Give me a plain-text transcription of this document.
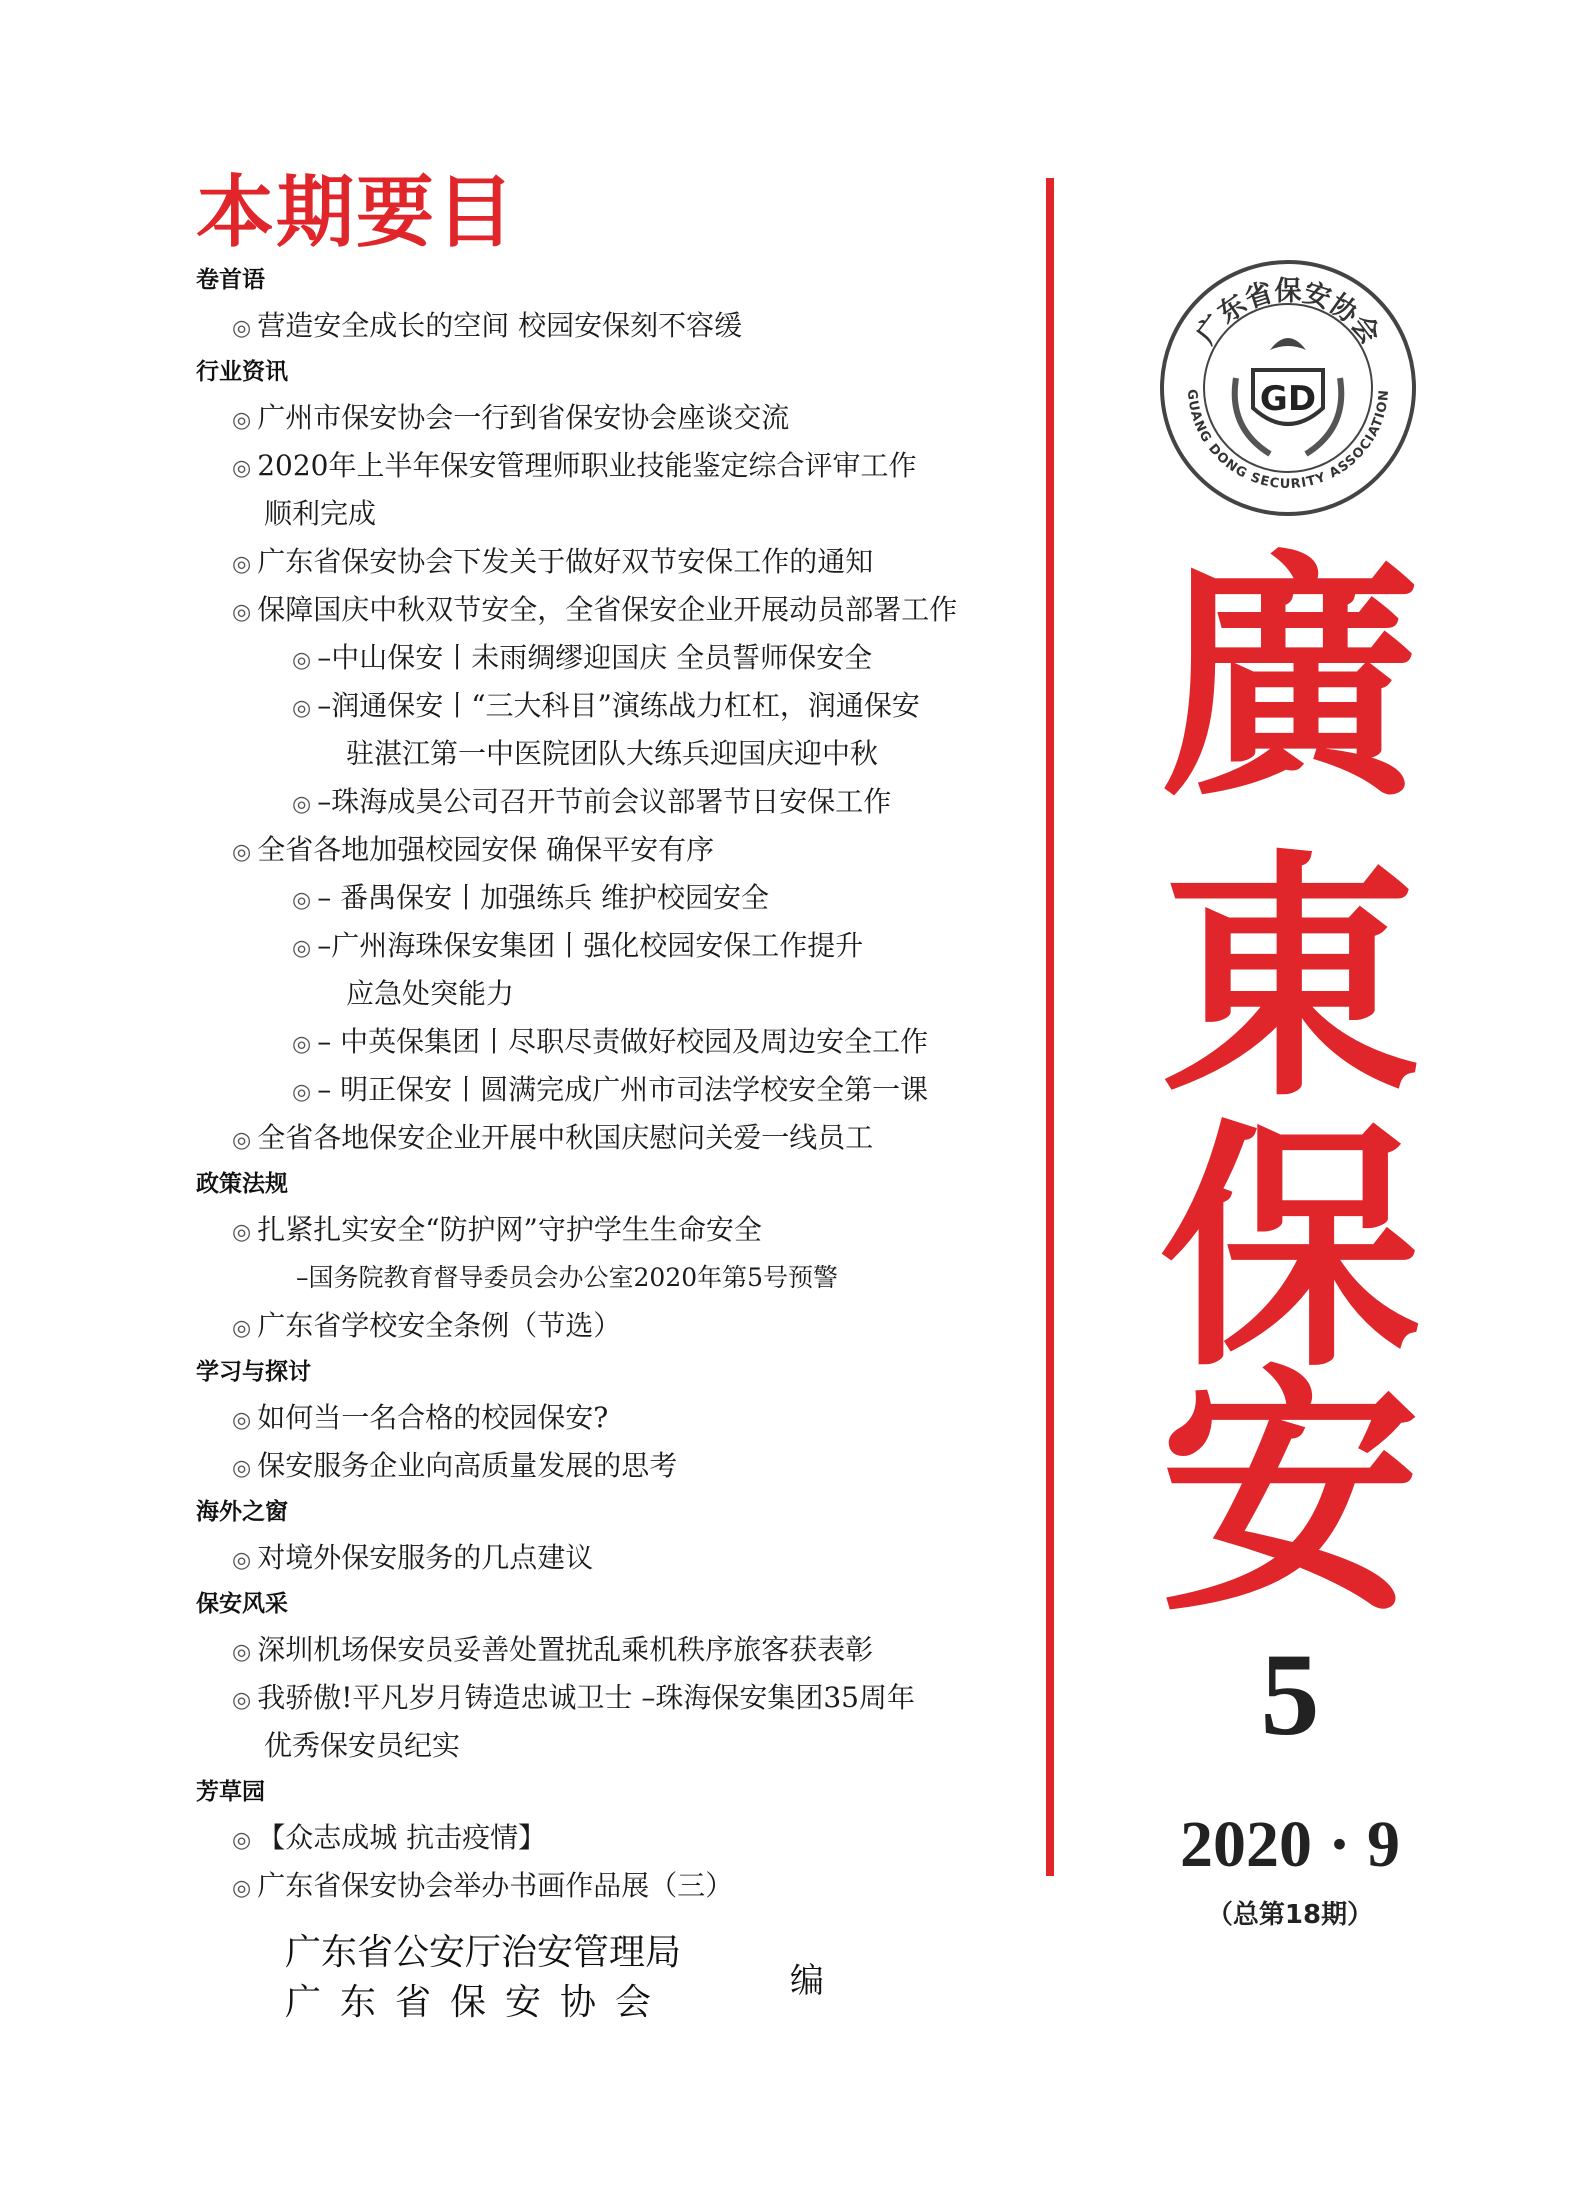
本期要目
卷首语
◎ 营造安全成长的空间 校园安保刻不容缓
行业资讯
◎ 广州市保安协会一行到省保安协会座谈交流
◎ 2020年上半年保安管理师职业技能鉴定综合评审工作
顺利完成
◎ 广东省保安协会下发关于做好双节安保工作的通知
◎ 保障国庆中秋双节安全，全省保安企业开展动员部署工作
◎ –中山保安丨未雨绸缪迎国庆 全员誓师保安全
◎ –润通保安丨“三大科目”演练战力杠杠，润通保安
驻湛江第一中医院团队大练兵迎国庆迎中秋
◎ –珠海成昊公司召开节前会议部署节日安保工作
◎ 全省各地加强校园安保 确保平安有序
◎ – 番禺保安丨加强练兵 维护校园安全
◎ –广州海珠保安集团丨强化校园安保工作提升
应急处突能力
◎ – 中英保集团丨尽职尽责做好校园及周边安全工作
◎ – 明正保安丨圆满完成广州市司法学校安全第一课
◎ 全省各地保安企业开展中秋国庆慰问关爱一线员工
政策法规
◎ 扎紧扎实安全“防护网”守护学生生命安全
–国务院教育督导委员会办公室2020年第5号预警
◎ 广东省学校安全条例（节选）
学习与探讨
◎ 如何当一名合格的校园保安?
◎ 保安服务企业向高质量发展的思考
海外之窗
◎ 对境外保安服务的几点建议
保安风采
◎ 深圳机场保安员妥善处置扰乱乘机秩序旅客获表彰
◎ 我骄傲!平凡岁月铸造忠诚卫士 –珠海保安集团35周年
优秀保安员纪实
芳草园
◎ 【众志成城 抗击疫情】
◎ 广东省保安协会举办书画作品展（三）
广东省公安厅治安管理局
广东省保安协会
编
广东省保安协会
GUANG DONG SECURITY ASSOCIATION
GD
廣
東
保
安
5
2020 · 9
（总第18期）
